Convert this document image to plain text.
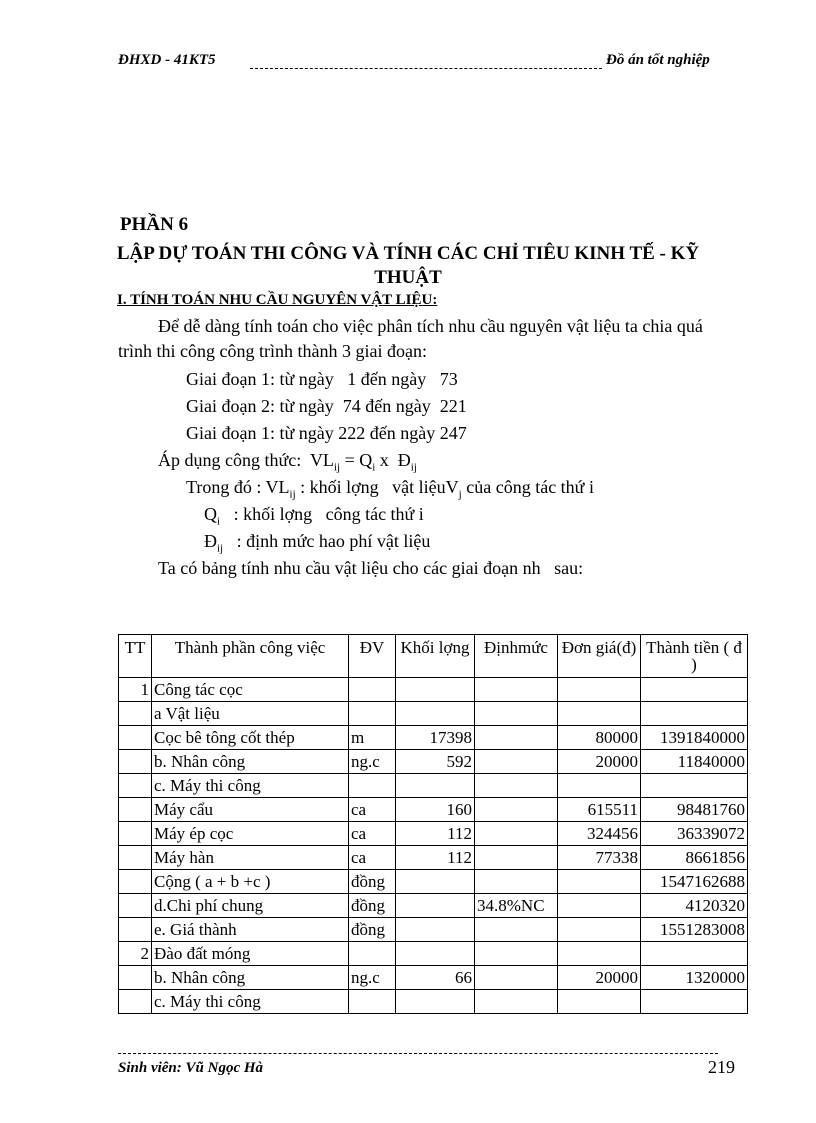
ĐHXD - 41KT5	Đồ án tốt nghiệp
PHẦN 6
LẬP DỰ TOÁN THI CÔNG VÀ TÍNH CÁC CHỈ TIÊU KINH TẾ - KỸ
THUẬT
I. TÍNH TOÁN NHU CẦU NGUYÊN VẬT LIỆU:
Để dễ dàng tính toán cho việc phân tích nhu cầu nguyên vật liệu ta chia quá
trình thi công công trình thành 3 giai đoạn:
Giai đoạn 1: từ ngày   1 đến ngày   73
Giai đoạn 2: từ ngày  74 đến ngày  221
Giai đoạn 1: từ ngày 222 đến ngày 247
Áp dụng công thức: $VL_{ij} = Q_i$ x  $Đ_{ij}$
Trong đó : $VL_{ij}$ : khối lợng   vật liệuV$_j$ của công tác thứ i
$Q_i$   : khối lợng   công tác thứ i
$Đ_{ij}$   : định mức hao phí vật liệu
Ta có bảng tính nhu cầu vật liệu cho các giai đoạn nh   sau:
TT	Thành phần công việc	ĐV	Khối lợng	Địnhmức	Đơn giá(đ)	Thành tiền ( đ )
1	Công tác cọc					
	a Vật liệu					
	Cọc bê tông cốt thép	m	17398		80000	1391840000
	b. Nhân công	ng.c	592		20000	11840000
	c. Máy thi công					
	Máy cẩu	ca	160		615511	98481760
	Máy ép cọc	ca	112		324456	36339072
	Máy hàn	ca	112		77338	8661856
	Cộng ( a + b +c )	đồng				1547162688
	d.Chi phí chung	đồng		34.8%NC		4120320
	e. Giá thành	đồng				1551283008
2	Đào đất móng					
	b. Nhân công	ng.c	66		20000	1320000
	c. Máy thi công					
Sinh viên: Vũ Ngọc Hà	219
